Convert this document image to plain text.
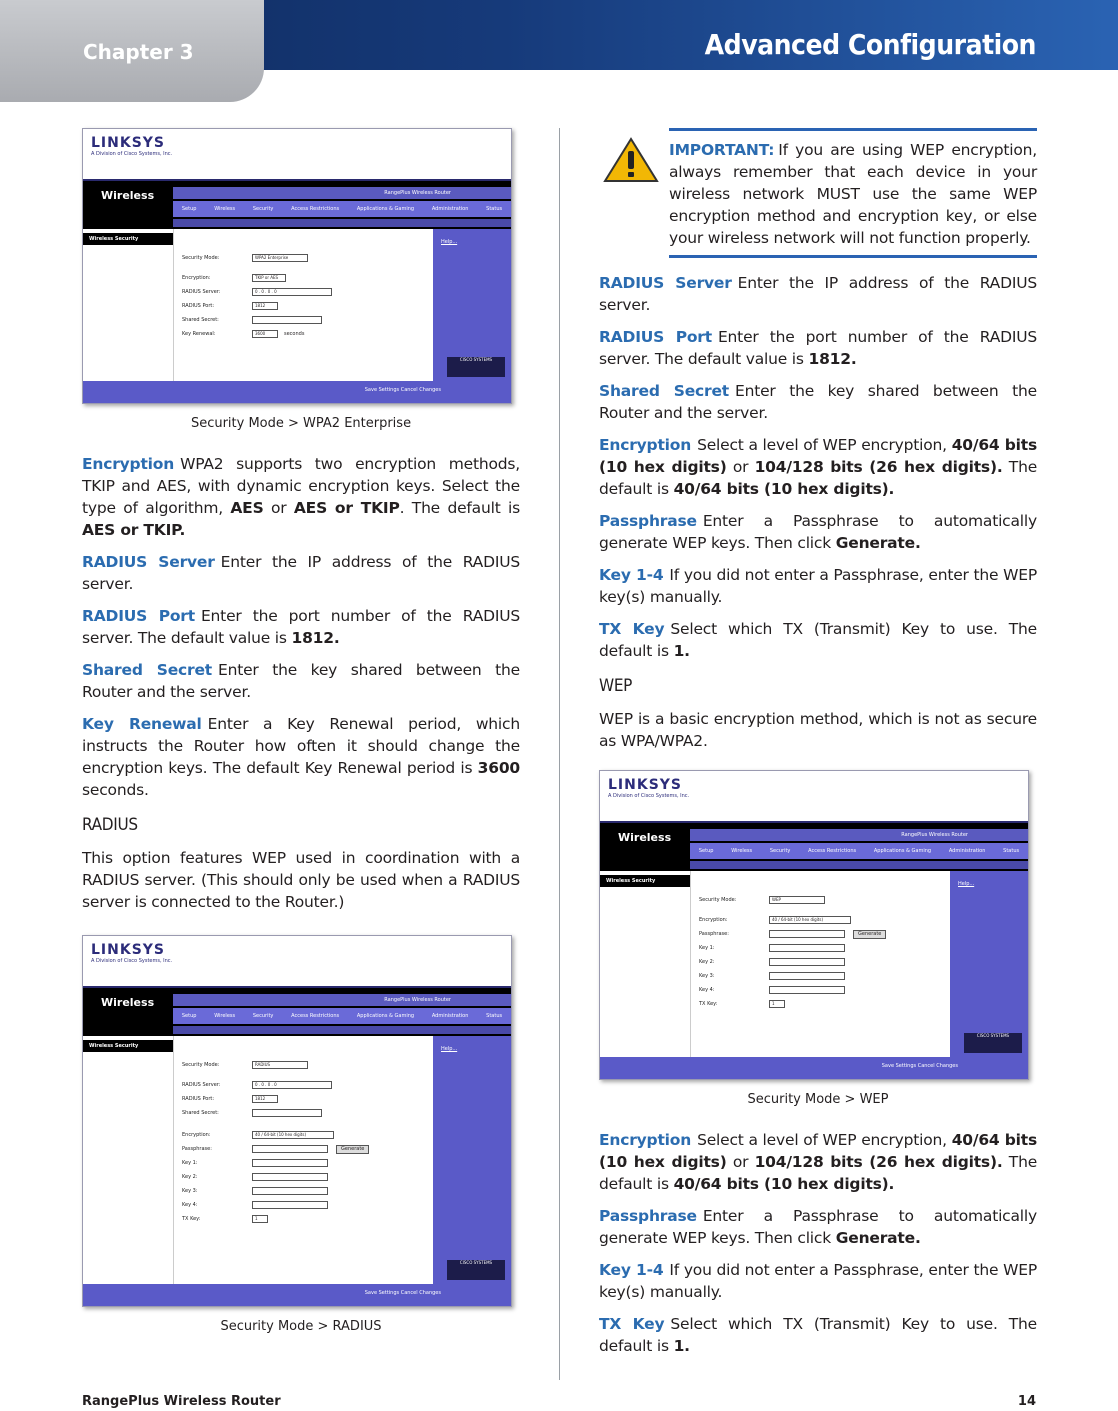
Advanced Configuration
Chapter 3
LINKSYS
A Division of Cisco Systems, Inc.
Wireless	RangePlus Wireless Router
Setup	Wireless	Security	Access Restrictions	Applications & Gaming	Administration	Status
Wireless Security
Security Mode:	WPA2 Enterprise
Encryption:	TKIP or AES
RADIUS Server:	0 . 0 . 0 . 0
RADIUS Port:	1812
Shared Secret:
Key Renewal:	3600	seconds
Help...
CISCO SYSTEMS
Save Settings Cancel Changes
Security Mode > WPA2 Enterprise

Encryption WPA2 supports two encryption methods, TKIP and AES, with dynamic encryption keys. Select the type of algorithm, AES or AES or TKIP. The default is AES or TKIP.

RADIUS Server Enter the IP address of the RADIUS server.

RADIUS Port Enter the port number of the RADIUS server. The default value is 1812.

Shared Secret Enter the key shared between the Router and the server.

Key Renewal Enter a Key Renewal period, which instructs the Router how often it should change the encryption keys. The default Key Renewal period is 3600 seconds.

RADIUS

This option features WEP used in coordination with a RADIUS server. (This should only be used when a RADIUS server is connected to the Router.)

LINKSYS
A Division of Cisco Systems, Inc.
Wireless	RangePlus Wireless Router
Setup	Wireless	Security	Access Restrictions	Applications & Gaming	Administration	Status
Wireless Security
Security Mode:	RADIUS
RADIUS Server:	0 . 0 . 0 . 0
RADIUS Port:	1812
Shared Secret:
Encryption:	40 / 64-bit (10 hex digits)
Passphrase:	Generate
Key 1:
Key 2:
Key 3:
Key 4:
TX Key:	1
Help...
CISCO SYSTEMS
Save Settings Cancel Changes
Security Mode > RADIUS

IMPORTANT: If you are using WEP encryption, always remember that each device in your wireless network MUST use the same WEP encryption method and encryption key, or else your wireless network will not function properly.

RADIUS Server Enter the IP address of the RADIUS server.

RADIUS Port Enter the port number of the RADIUS server. The default value is 1812.

Shared Secret Enter the key shared between the Router and the server.

Encryption Select a level of WEP encryption, 40/64 bits (10 hex digits) or 104/128 bits (26 hex digits). The default is 40/64 bits (10 hex digits).

Passphrase Enter a Passphrase to automatically generate WEP keys. Then click Generate.

Key 1-4 If you did not enter a Passphrase, enter the WEP key(s) manually.

TX Key Select which TX (Transmit) Key to use. The default is 1.

WEP

WEP is a basic encryption method, which is not as secure as WPA/WPA2.

LINKSYS
A Division of Cisco Systems, Inc.
Wireless	RangePlus Wireless Router
Setup	Wireless	Security	Access Restrictions	Applications & Gaming	Administration	Status
Wireless Security
Security Mode:	WEP
Encryption:	40 / 64-bit (10 hex digits)
Passphrase:	Generate
Key 1:
Key 2:
Key 3:
Key 4:
TX Key:	1
Help...
CISCO SYSTEMS
Save Settings Cancel Changes
Security Mode > WEP

Encryption Select a level of WEP encryption, 40/64 bits (10 hex digits) or 104/128 bits (26 hex digits). The default is 40/64 bits (10 hex digits).

Passphrase Enter a Passphrase to automatically generate WEP keys. Then click Generate.

Key 1-4 If you did not enter a Passphrase, enter the WEP key(s) manually.

TX Key Select which TX (Transmit) Key to use. The default is 1.

RangePlus Wireless Router	14
